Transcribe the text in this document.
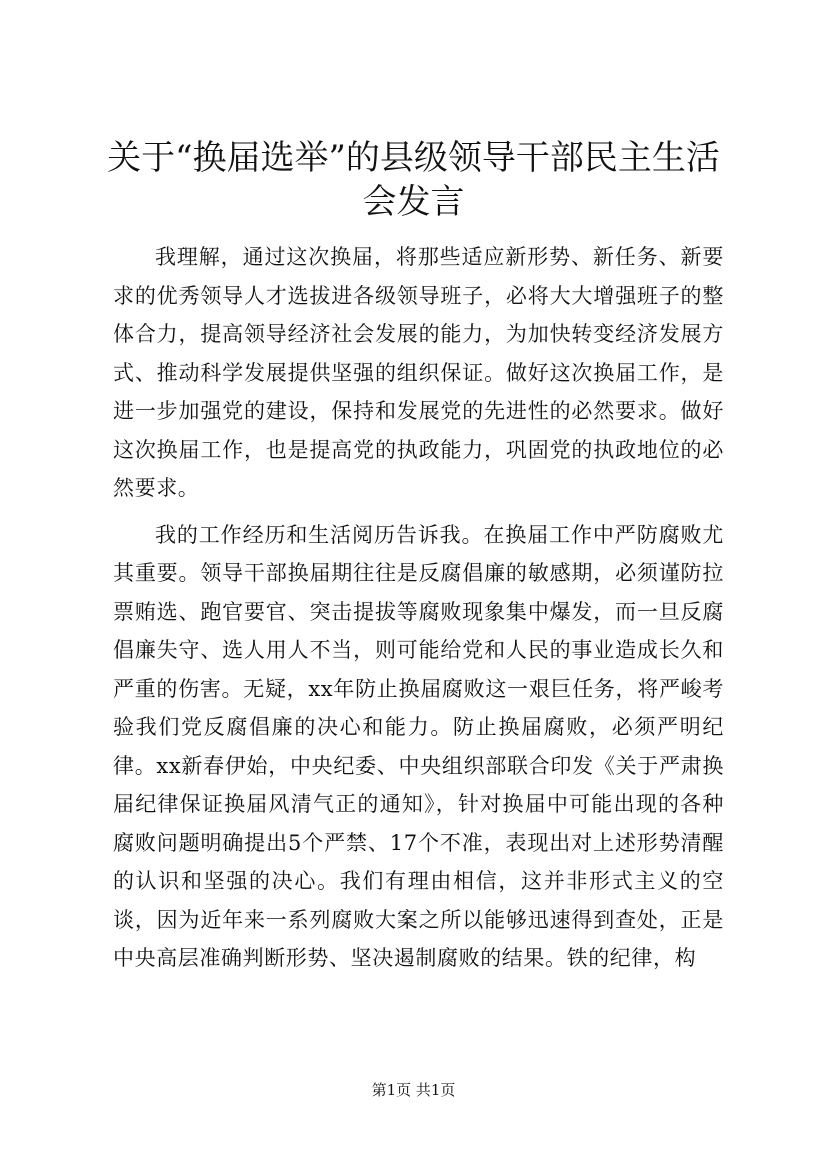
关于“换届选举”的县级领导干部民主生活会发言

我理解，通过这次换届，将那些适应新形势、新任务、新要求的优秀领导人才选拔进各级领导班子，必将大大增强班子的整体合力，提高领导经济社会发展的能力，为加快转变经济发展方式、推动科学发展提供坚强的组织保证。做好这次换届工作，是进一步加强党的建设，保持和发展党的先进性的必然要求。做好这次换届工作，也是提高党的执政能力，巩固党的执政地位的必然要求。

我的工作经历和生活阅历告诉我。在换届工作中严防腐败尤其重要。领导干部换届期往往是反腐倡廉的敏感期，必须谨防拉票贿选、跑官要官、突击提拔等腐败现象集中爆发，而一旦反腐倡廉失守、选人用人不当，则可能给党和人民的事业造成长久和严重的伤害。无疑，xx年防止换届腐败这一艰巨任务，将严峻考验我们党反腐倡廉的决心和能力。防止换届腐败，必须严明纪律。xx新春伊始，中央纪委、中央组织部联合印发《关于严肃换届纪律保证换届风清气正的通知》，针对换届中可能出现的各种腐败问题明确提出5个严禁、17个不准，表现出对上述形势清醒的认识和坚强的决心。我们有理由相信，这并非形式主义的空谈，因为近年来一系列腐败大案之所以能够迅速得到查处，正是中央高层准确判断形势、坚决遏制腐败的结果。铁的纪律，构

第1页 共1页
